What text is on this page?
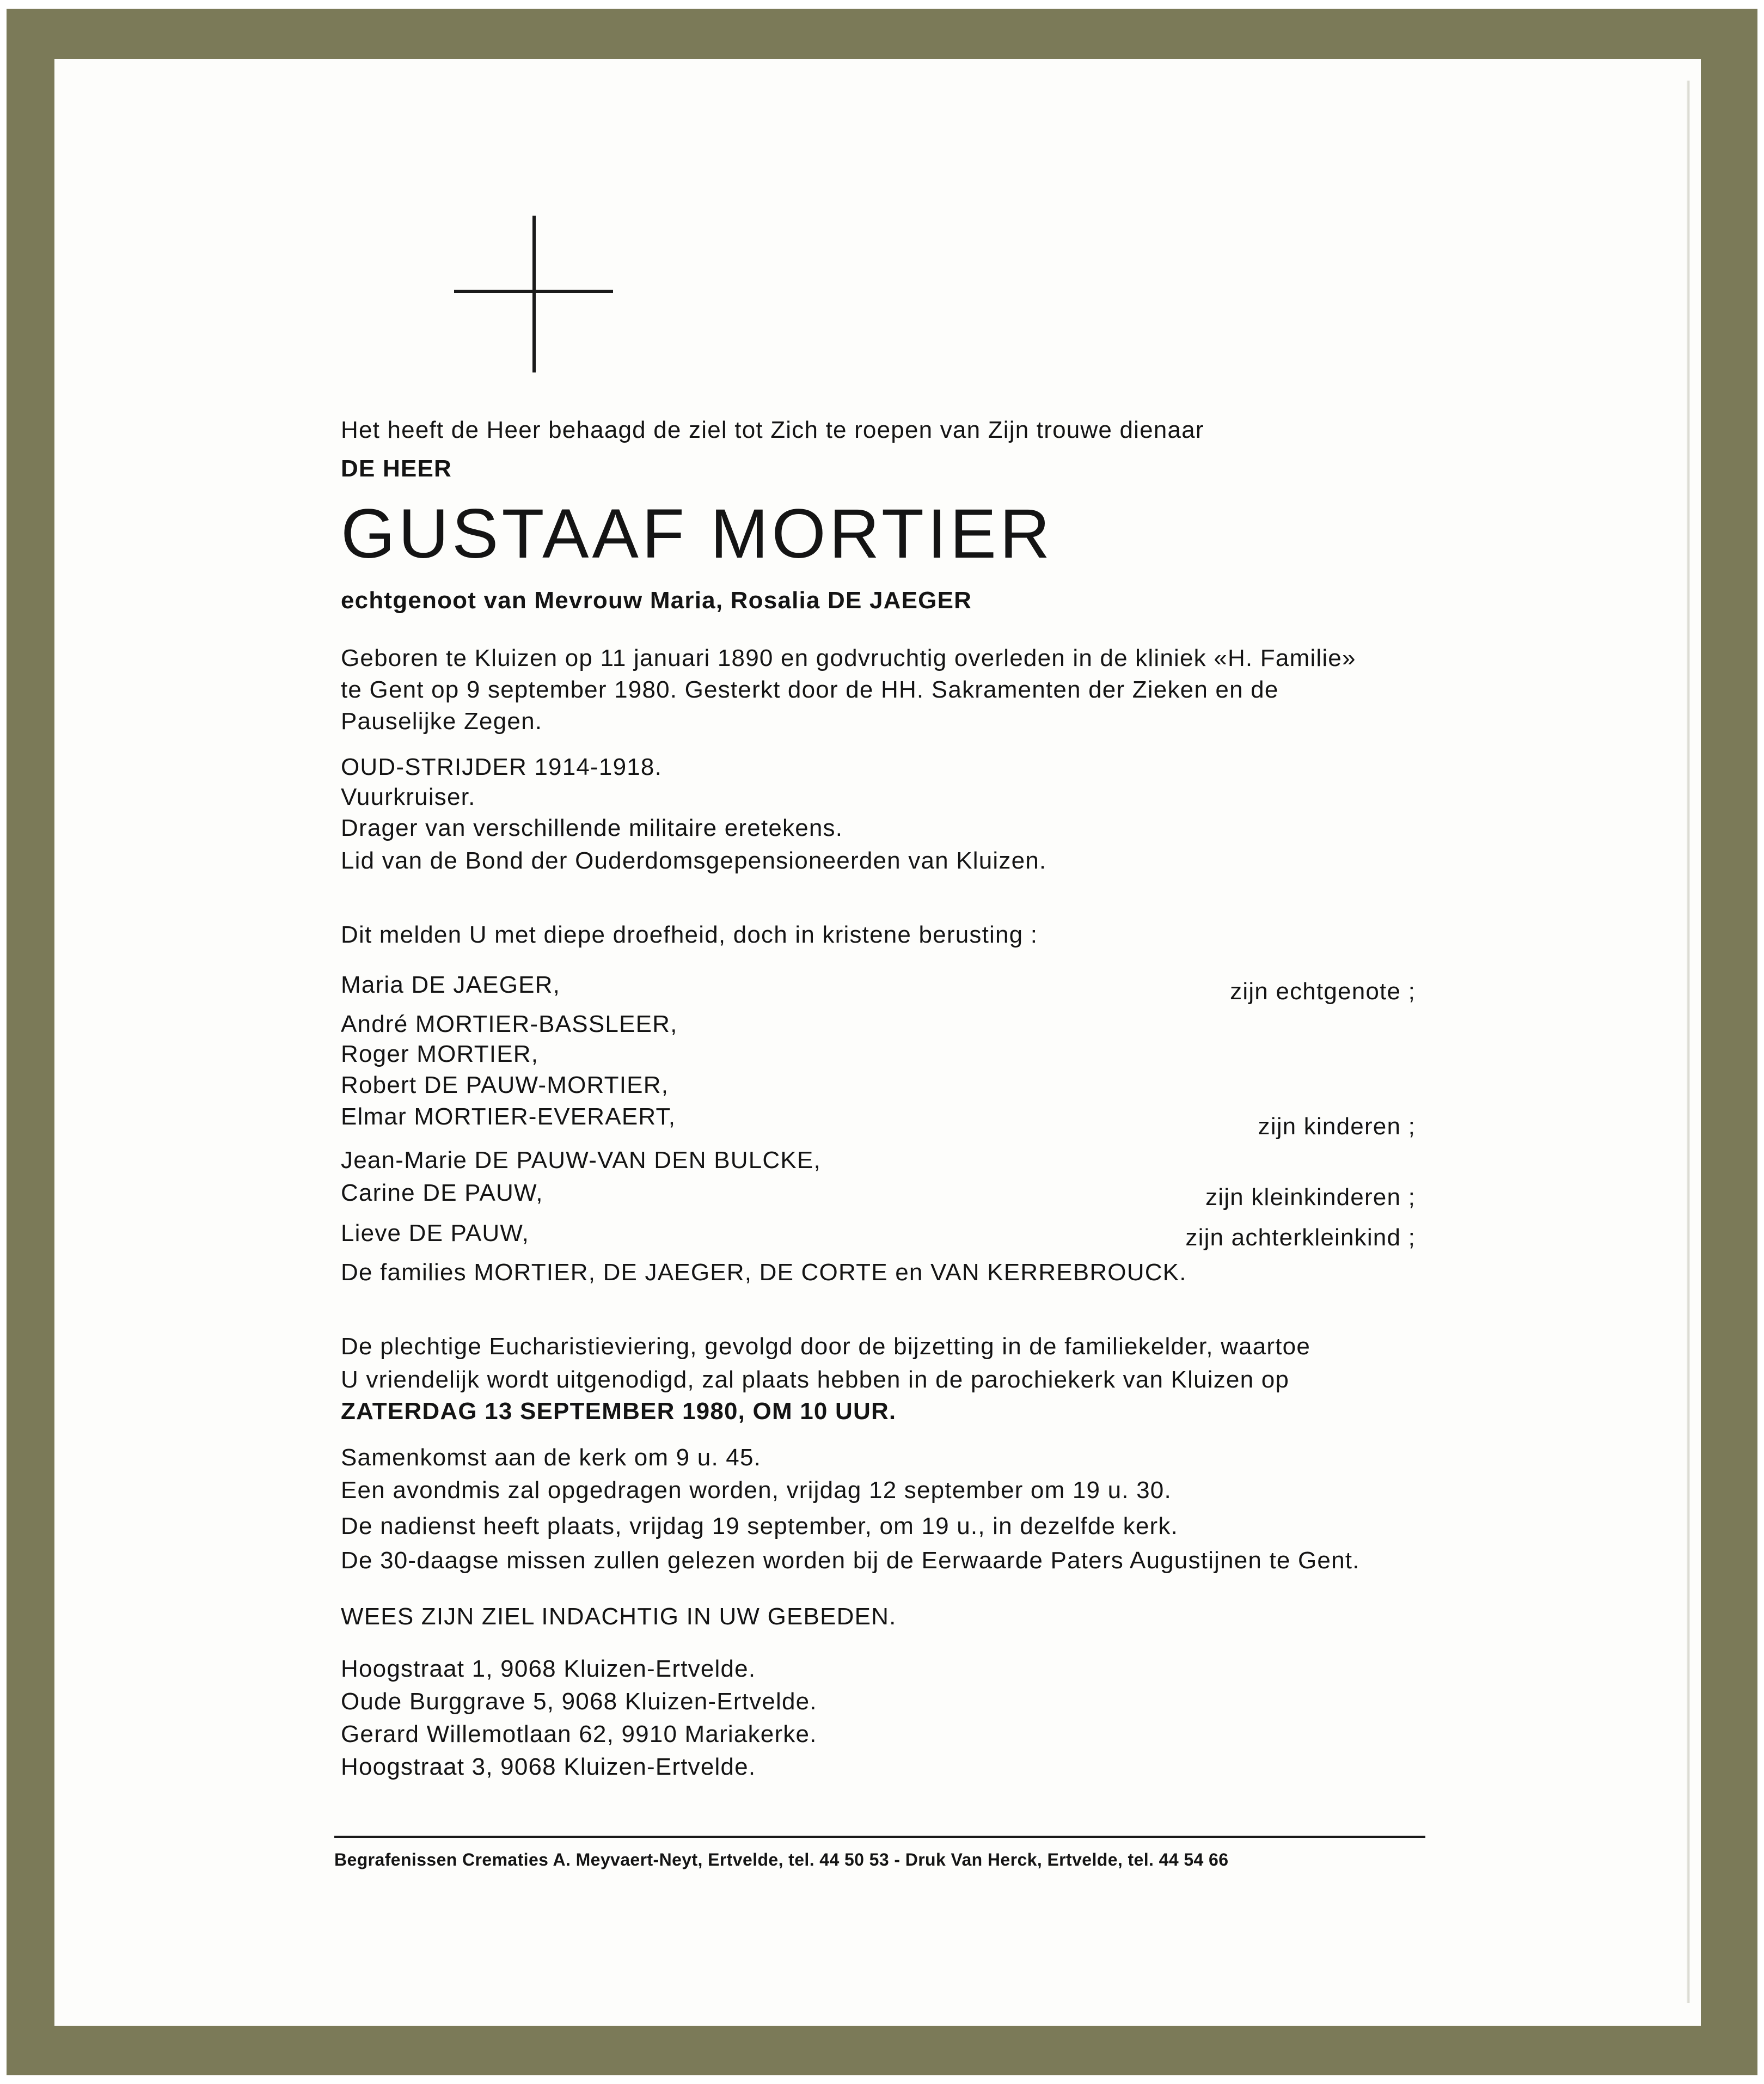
Het heeft de Heer behaagd de ziel tot Zich te roepen van Zijn trouwe dienaar
DE HEER
GUSTAAF MORTIER
echtgenoot van Mevrouw Maria, Rosalia DE JAEGER
Geboren te Kluizen op 11 januari 1890 en godvruchtig overleden in de kliniek «H. Familie»
te Gent op 9 september 1980. Gesterkt door de HH. Sakramenten der Zieken en de
Pauselijke Zegen.
OUD-STRIJDER 1914-1918.
Vuurkruiser.
Drager van verschillende militaire eretekens.
Lid van de Bond der Ouderdomsgepensioneerden van Kluizen.
Dit melden U met diepe droefheid, doch in kristene berusting :
Maria DE JAEGER,	zijn echtgenote ;
André MORTIER-BASSLEER,
Roger MORTIER,
Robert DE PAUW-MORTIER,
Elmar MORTIER-EVERAERT,	zijn kinderen ;
Jean-Marie DE PAUW-VAN DEN BULCKE,
Carine DE PAUW,	zijn kleinkinderen ;
Lieve DE PAUW,	zijn achterkleinkind ;
De families MORTIER, DE JAEGER, DE CORTE en VAN KERREBROUCK.
De plechtige Eucharistieviering, gevolgd door de bijzetting in de familiekelder, waartoe
U vriendelijk wordt uitgenodigd, zal plaats hebben in de parochiekerk van Kluizen op
ZATERDAG 13 SEPTEMBER 1980, OM 10 UUR.
Samenkomst aan de kerk om 9 u. 45.
Een avondmis zal opgedragen worden, vrijdag 12 september om 19 u. 30.
De nadienst heeft plaats, vrijdag 19 september, om 19 u., in dezelfde kerk.
De 30-daagse missen zullen gelezen worden bij de Eerwaarde Paters Augustijnen te Gent.
WEES ZIJN ZIEL INDACHTIG IN UW GEBEDEN.
Hoogstraat 1, 9068 Kluizen-Ertvelde.
Oude Burggrave 5, 9068 Kluizen-Ertvelde.
Gerard Willemotlaan 62, 9910 Mariakerke.
Hoogstraat 3, 9068 Kluizen-Ertvelde.
Begrafenissen Crematies A. Meyvaert-Neyt, Ertvelde, tel. 44 50 53 - Druk Van Herck, Ertvelde, tel. 44 54 66
